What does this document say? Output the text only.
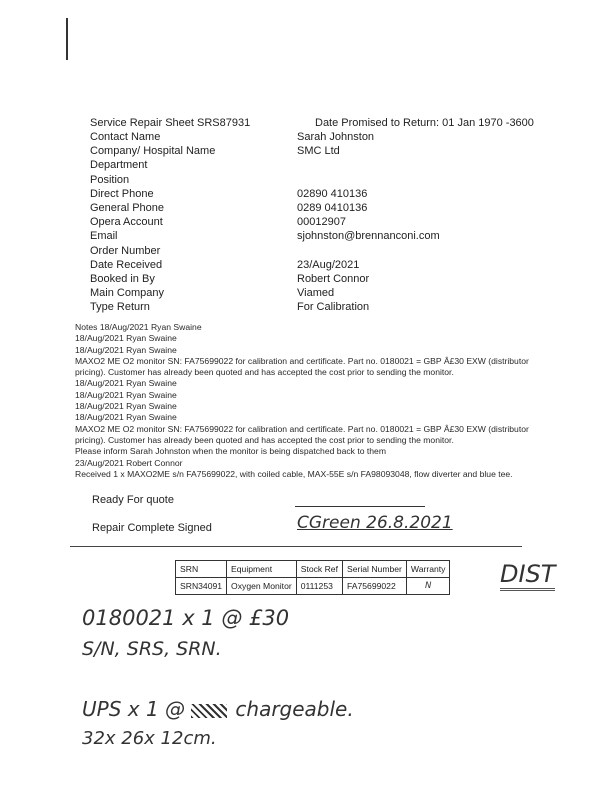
Service Repair Sheet SRS87931	Date Promised to Return: 01 Jan 1970 -3600
Contact Name	Sarah Johnston
Company/ Hospital Name	SMC Ltd
Department
Position
Direct Phone	02890 410136
General Phone	0289 0410136
Opera Account	00012907
Email	sjohnston@brennanconi.com
Order Number
Date Received	23/Aug/2021
Booked in By	Robert Connor
Main Company	Viamed
Type Return	For Calibration
Notes 18/Aug/2021 Ryan Swaine
18/Aug/2021 Ryan Swaine
18/Aug/2021 Ryan Swaine
MAXO2 ME O2 monitor SN: FA75699022 for calibration and certificate. Part no. 0180021 = GBP Â£30 EXW (distributor
pricing). Customer has already been quoted and has accepted the cost prior to sending the monitor.
18/Aug/2021 Ryan Swaine
18/Aug/2021 Ryan Swaine
18/Aug/2021 Ryan Swaine
18/Aug/2021 Ryan Swaine
MAXO2 ME O2 monitor SN: FA75699022 for calibration and certificate. Part no. 0180021 = GBP Â£30 EXW (distributor
pricing). Customer has already been quoted and has accepted the cost prior to sending the monitor.
Please inform Sarah Johnston when the monitor is being dispatched back to them
23/Aug/2021 Robert Connor
Received 1 x MAXO2ME s/n FA75699022, with coiled cable, MAX-55E s/n FA98093048, flow diverter and blue tee.
Ready For quote
Repair Complete Signed	CGreen 26.8.2021
SRN	Equipment	Stock Ref	Serial Number	Warranty
SRN34091	Oxygen Monitor	0111253	FA75699022	N	DIST
0180021 x 1 @ £30
S/N, SRS, SRN.
UPS x 1 @ chargeable.
32x 26x 12cm.
